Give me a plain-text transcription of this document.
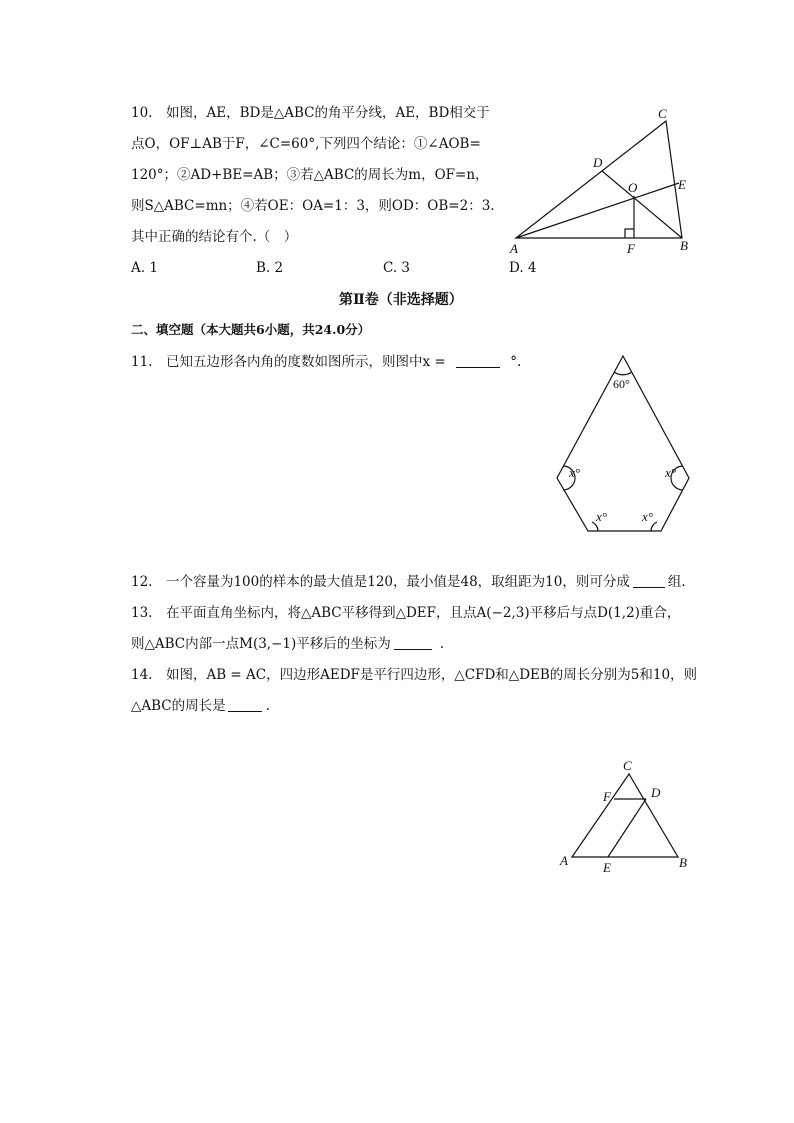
10.　如图，AE，BD是△ABC的角平分线，AE，BD相交于
点O，OF⊥AB于F，∠C=60°,下列四个结论：①∠AOB=
120°；②AD+BE=AB；③若△ABC的周长为m，OF=n，
则S△ABC=mn；④若OE：OA=1：3，则OD：OB=2：3.
其中正确的结论有个.（　）
A. 1	B. 2	C. 3	D. 4
C
D
O	E
A	F	B
第Ⅱ卷（非选择题）
二、填空题（本大题共6小题，共24.0分）
11.　已知五边形各内角的度数如图所示，则图中x =	°.
60°
x°	x°
x°	x°
12.　一个容量为100的样本的最大值是120，最小值是48，取组距为10，则可分成	组.
13.　在平面直角坐标内，将△ABC平移得到△DEF，且点A(−2,3)平移后与点D(1,2)重合，
则△ABC内部一点M(3,−1)平移后的坐标为	.
14.　如图，AB = AC，四边形AEDF是平行四边形，△CFD和△DEB的周长分别为5和10，则
△ABC的周长是	.
C
F	D
A	E	B
